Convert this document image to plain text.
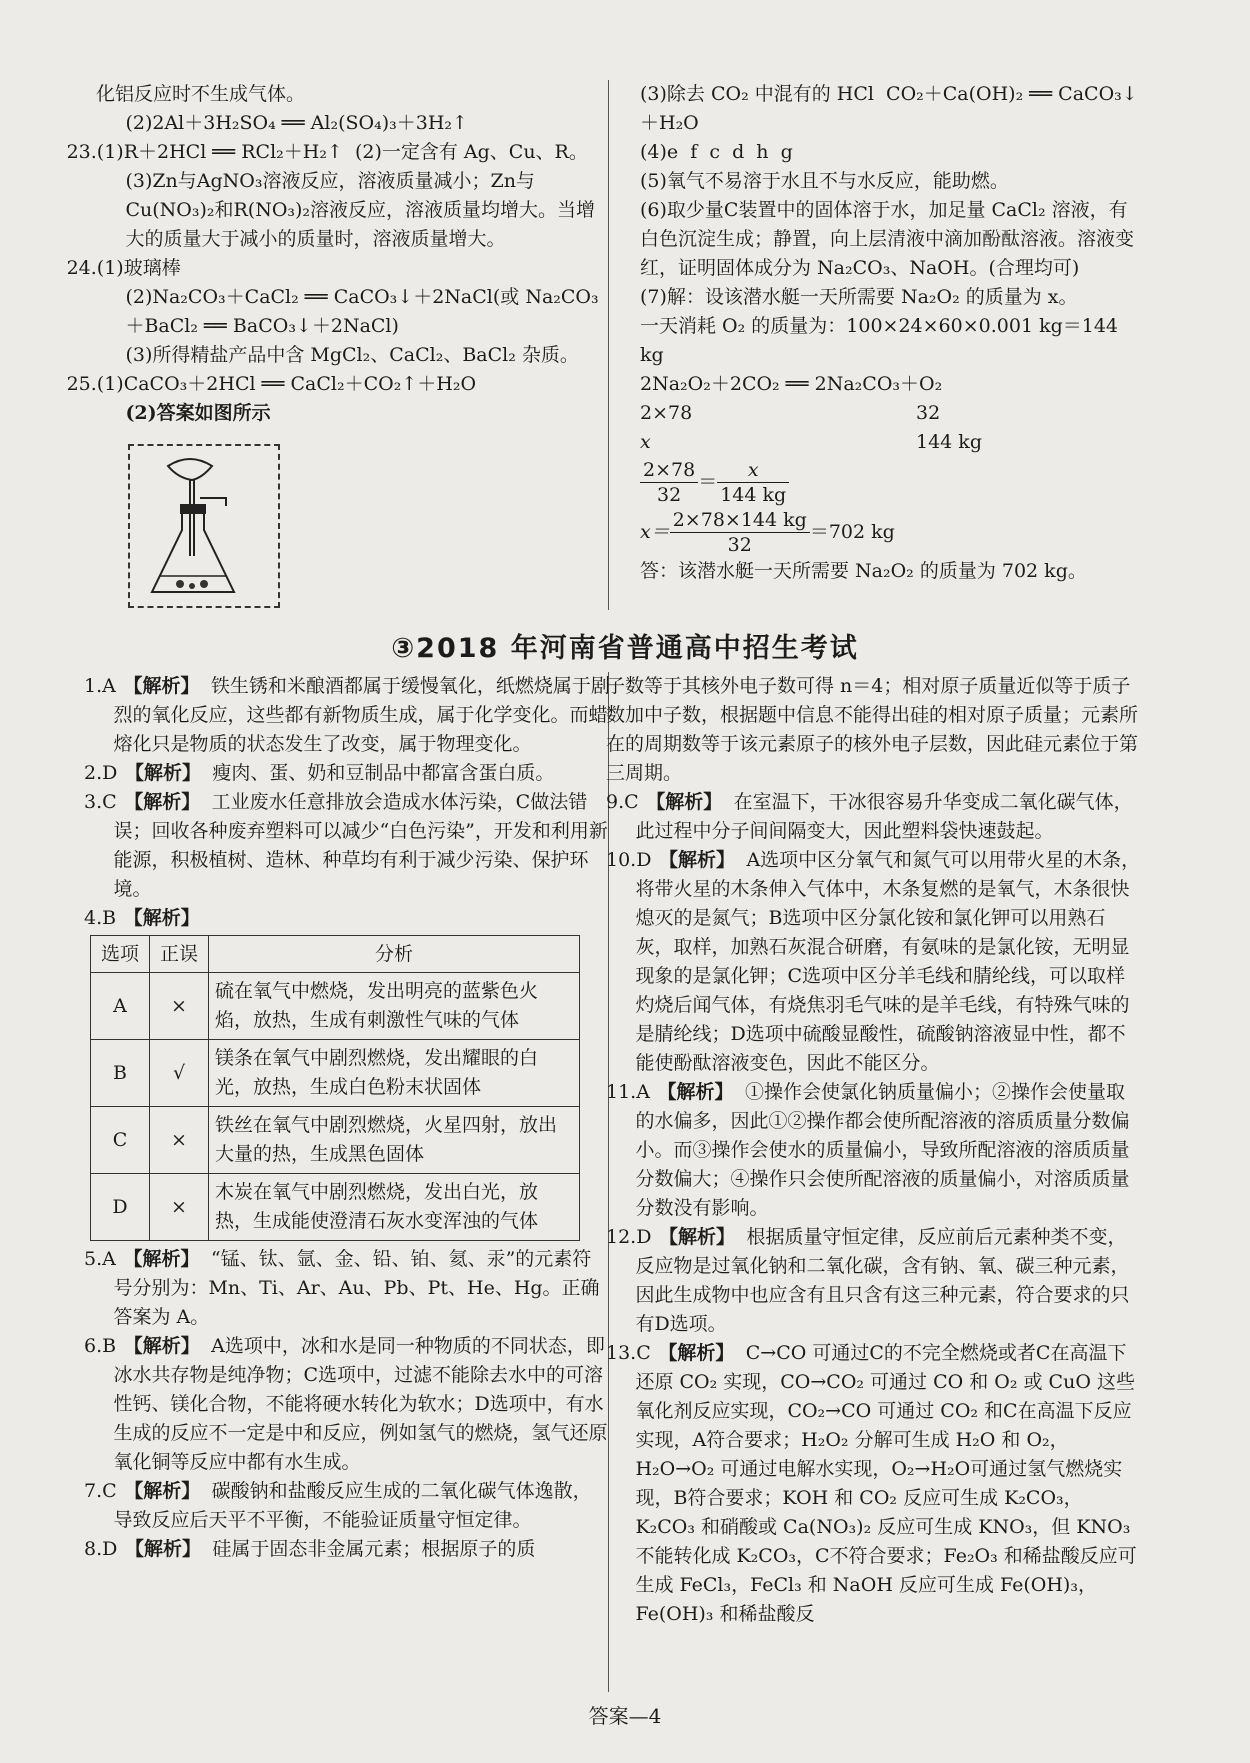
化铝反应时不生成气体。

(2)2Al＋3H₂SO₄ ══ Al₂(SO₄)₃＋3H₂↑

23.(1)R＋2HCl ══ RCl₂＋H₂↑  (2)一定含有 Ag、Cu、R。

(3)Zn与AgNO₃溶液反应，溶液质量减小；Zn与Cu(NO₃)₂和R(NO₃)₂溶液反应，溶液质量均增大。当增大的质量大于减小的质量时，溶液质量增大。

24.(1)玻璃棒

(2)Na₂CO₃＋CaCl₂ ══ CaCO₃↓＋2NaCl(或 Na₂CO₃＋BaCl₂ ══ BaCO₃↓＋2NaCl)

(3)所得精盐产品中含 MgCl₂、CaCl₂、BaCl₂ 杂质。

25.(1)CaCO₃＋2HCl ══ CaCl₂＋CO₂↑＋H₂O

(2)答案如图所示

(3)除去 CO₂ 中混有的 HCl  CO₂＋Ca(OH)₂ ══ CaCO₃↓＋H₂O

(4)e  f  c  d  h  g

(5)氧气不易溶于水且不与水反应，能助燃。

(6)取少量C装置中的固体溶于水，加足量 CaCl₂ 溶液，有白色沉淀生成；静置，向上层清液中滴加酚酞溶液。溶液变红，证明固体成分为 Na₂CO₃、NaOH。(合理均可)

(7)解：设该潜水艇一天所需要 Na₂O₂ 的质量为 x。

一天消耗 O₂ 的质量为：100×24×60×0.001 kg＝144 kg

2Na₂O₂＋2CO₂ ══ 2Na₂CO₃＋O₂

2×78	32
x	144 kg
$\frac{2\times 78}{32} = \frac{x}{144 kg}$
$x= \frac{2\times 78\times 144 kg}{32} =702$ kg

答：该潜水艇一天所需要 Na₂O₂ 的质量为 702 kg。

③2018 年河南省普通高中招生考试

1.A 【解析】 铁生锈和米酿酒都属于缓慢氧化，纸燃烧属于剧烈的氧化反应，这些都有新物质生成，属于化学变化。而蜡熔化只是物质的状态发生了改变，属于物理变化。

2.D 【解析】 瘦肉、蛋、奶和豆制品中都富含蛋白质。

3.C 【解析】 工业废水任意排放会造成水体污染，C做法错误；回收各种废弃塑料可以减少“白色污染”，开发和利用新能源，积极植树、造林、种草均有利于减少污染、保护环境。

4.B 【解析】

选项	正误	分析
A	×	硫在氧气中燃烧，发出明亮的蓝紫色火焰，放热，生成有刺激性气味的气体
B	√	镁条在氧气中剧烈燃烧，发出耀眼的白光，放热，生成白色粉末状固体
C	×	铁丝在氧气中剧烈燃烧，火星四射，放出大量的热，生成黑色固体
D	×	木炭在氧气中剧烈燃烧，发出白光，放热，生成能使澄清石灰水变浑浊的气体

5.A 【解析】 “锰、钛、氩、金、铅、铂、氦、汞”的元素符号分别为：Mn、Ti、Ar、Au、Pb、Pt、He、Hg。正确答案为 A。

6.B 【解析】 A选项中，冰和水是同一种物质的不同状态，即冰水共存物是纯净物；C选项中，过滤不能除去水中的可溶性钙、镁化合物，不能将硬水转化为软水；D选项中，有水生成的反应不一定是中和反应，例如氢气的燃烧，氢气还原氧化铜等反应中都有水生成。

7.C 【解析】 碳酸钠和盐酸反应生成的二氧化碳气体逸散，导致反应后天平不平衡，不能验证质量守恒定律。

8.D 【解析】 硅属于固态非金属元素；根据原子的质

子数等于其核外电子数可得 n＝4；相对原子质量近似等于质子数加中子数，根据题中信息不能得出硅的相对原子质量；元素所在的周期数等于该元素原子的核外电子层数，因此硅元素位于第三周期。

9.C 【解析】 在室温下，干冰很容易升华变成二氧化碳气体，此过程中分子间间隔变大，因此塑料袋快速鼓起。

10.D 【解析】 A选项中区分氧气和氮气可以用带火星的木条，将带火星的木条伸入气体中，木条复燃的是氧气，木条很快熄灭的是氮气；B选项中区分氯化铵和氯化钾可以用熟石灰，取样，加熟石灰混合研磨，有氨味的是氯化铵，无明显现象的是氯化钾；C选项中区分羊毛线和腈纶线，可以取样灼烧后闻气体，有烧焦羽毛气味的是羊毛线，有特殊气味的是腈纶线；D选项中硫酸显酸性，硫酸钠溶液显中性，都不能使酚酞溶液变色，因此不能区分。

11.A 【解析】 ①操作会使氯化钠质量偏小；②操作会使量取的水偏多，因此①②操作都会使所配溶液的溶质质量分数偏小。而③操作会使水的质量偏小，导致所配溶液的溶质质量分数偏大；④操作只会使所配溶液的质量偏小，对溶质质量分数没有影响。

12.D 【解析】 根据质量守恒定律，反应前后元素种类不变，反应物是过氧化钠和二氧化碳，含有钠、氧、碳三种元素，因此生成物中也应含有且只含有这三种元素，符合要求的只有D选项。

13.C 【解析】 C→CO 可通过C的不完全燃烧或者C在高温下还原 CO₂ 实现，CO→CO₂ 可通过 CO 和 O₂ 或 CuO 这些氧化剂反应实现，CO₂→CO 可通过 CO₂ 和C在高温下反应实现，A符合要求；H₂O₂ 分解可生成 H₂O 和 O₂，H₂O→O₂ 可通过电解水实现，O₂→H₂O可通过氢气燃烧实现，B符合要求；KOH 和 CO₂ 反应可生成 K₂CO₃，K₂CO₃ 和硝酸或 Ca(NO₃)₂ 反应可生成 KNO₃，但 KNO₃ 不能转化成 K₂CO₃，C不符合要求；Fe₂O₃ 和稀盐酸反应可生成 FeCl₃，FeCl₃ 和 NaOH 反应可生成 Fe(OH)₃，Fe(OH)₃ 和稀盐酸反

答案—4
